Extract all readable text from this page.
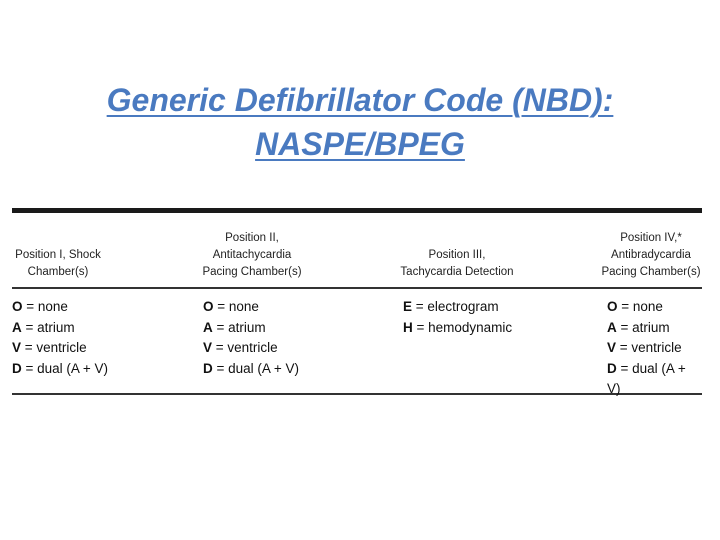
Generic Defibrillator Code (NBD):
NASPE/BPEG
Position I, Shock
Chamber(s)
Position II,
Antitachycardia
Pacing Chamber(s)
Position III,
Tachycardia Detection
Position IV,*
Antibradycardia
Pacing Chamber(s)
O = none
A = atrium
V = ventricle
D = dual (A + V)
O = none
A = atrium
V = ventricle
D = dual (A + V)
E = electrogram
H = hemodynamic
O = none
A = atrium
V = ventricle
D = dual (A + V)
